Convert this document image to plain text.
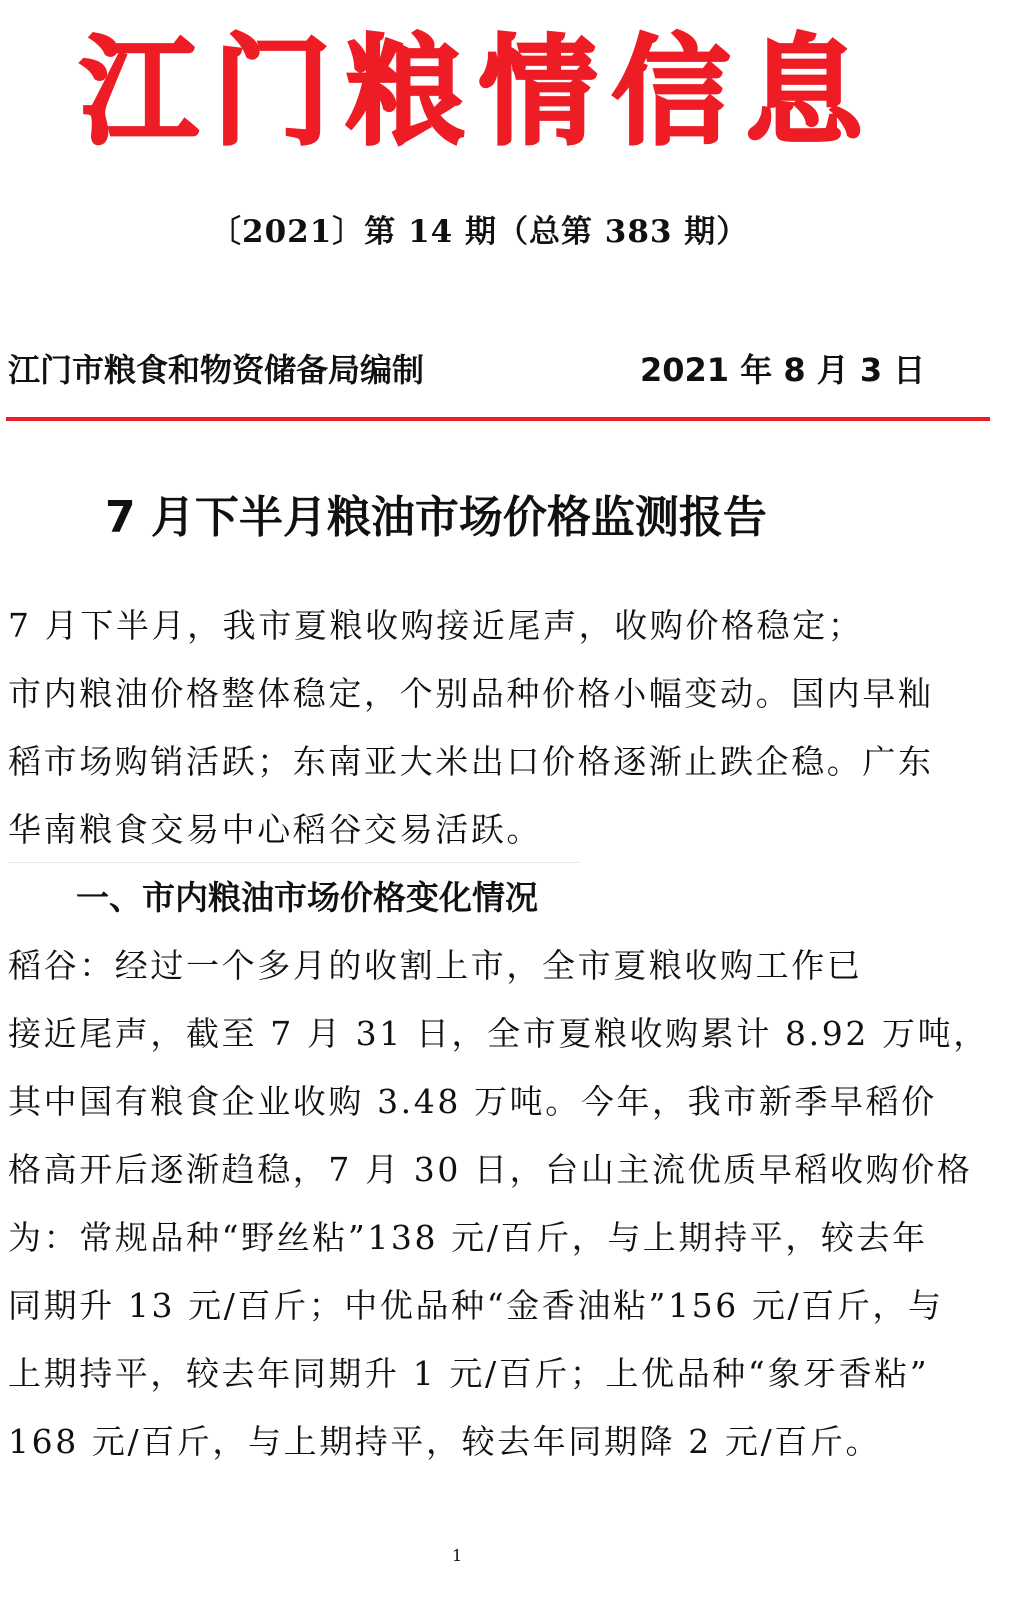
江 门 粮 情 信 息
〔2021〕第 14 期（总第 383 期）
江门市粮食和物资储备局编制	2021 年 8 月 3 日
7 月下半月粮油市场价格监测报告
7 月下半月，我市夏粮收购接近尾声，收购价格稳定；
市内粮油价格整体稳定，个别品种价格小幅变动。国内早籼
稻市场购销活跃；东南亚大米出口价格逐渐止跌企稳。广东
华南粮食交易中心稻谷交易活跃。
一、市内粮油市场价格变化情况
稻谷：经过一个多月的收割上市，全市夏粮收购工作已
接近尾声，截至 7 月 31 日，全市夏粮收购累计 8.92 万吨，
其中国有粮食企业收购 3.48 万吨。今年，我市新季早稻价
格高开后逐渐趋稳，7 月 30 日，台山主流优质早稻收购价格
为：常规品种“野丝粘”138 元/百斤，与上期持平，较去年
同期升 13 元/百斤；中优品种“金香油粘”156 元/百斤，与
上期持平，较去年同期升 1 元/百斤；上优品种“象牙香粘”
168 元/百斤，与上期持平，较去年同期降 2 元/百斤。
1
